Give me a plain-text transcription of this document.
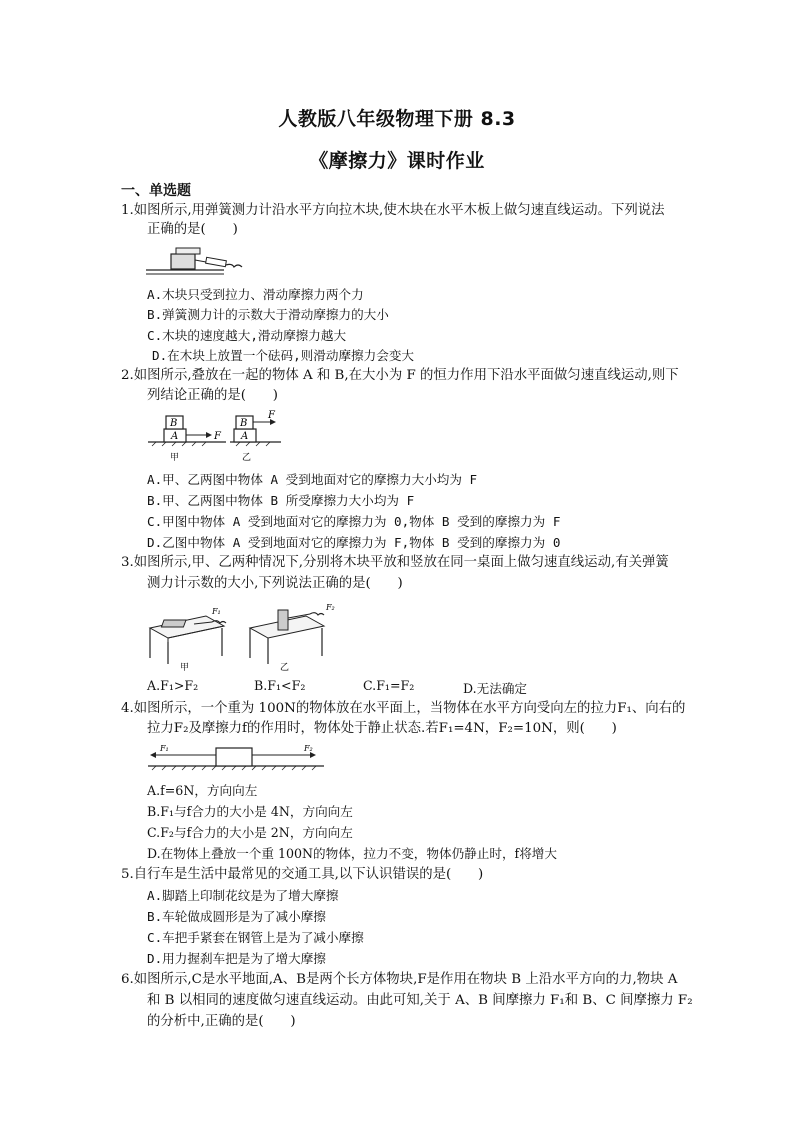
人教版八年级物理下册 8.3
《摩擦力》课时作业
一、单选题
1.如图所示,用弹簧测力计沿水平方向拉木块,使木块在水平木板上做匀速直线运动。下列说法
正确的是(　　)
A.木块只受到拉力、滑动摩擦力两个力
B.弹簧测力计的示数大于滑动摩擦力的大小
C.木块的速度越大,滑动摩擦力越大
D.在木块上放置一个砝码,则滑动摩擦力会变大
2.如图所示,叠放在一起的物体 A 和 B,在大小为 F 的恒力作用下沿水平面做匀速直线运动,则下
列结论正确的是(　　)
B
A	F
甲
B
A
F
乙
A.甲、乙两图中物体 A 受到地面对它的摩擦力大小均为 F
B.甲、乙两图中物体 B 所受摩擦力大小均为 F
C.甲图中物体 A 受到地面对它的摩擦力为 0,物体 B 受到的摩擦力为 F
D.乙图中物体 A 受到地面对它的摩擦力为 F,物体 B 受到的摩擦力为 0
3.如图所示,甲、乙两种情况下,分别将木块平放和竖放在同一桌面上做匀速直线运动,有关弹簧
测力计示数的大小,下列说法正确的是(　　)
F₁
甲
F₂
乙
A.F₁>F₂	B.F₁<F₂	C.F₁=F₂	D.无法确定
4.如图所示，一个重为 100N的物体放在水平面上，当物体在水平方向受向左的拉力F₁、向右的
拉力F₂及摩擦力f的作用时，物体处于静止状态.若F₁=4N，F₂=10N，则(　　)
F₁	F₂
A.f=6N，方向向左
B.F₁与f合力的大小是 4N，方向向左
C.F₂与f合力的大小是 2N，方向向左
D.在物体上叠放一个重 100N的物体，拉力不变，物体仍静止时，f将增大
5.自行车是生活中最常见的交通工具,以下认识错误的是(　　)
A.脚踏上印制花纹是为了增大摩擦
B.车轮做成圆形是为了减小摩擦
C.车把手紧套在钢管上是为了减小摩擦
D.用力握刹车把是为了增大摩擦
6.如图所示,C是水平地面,A、B是两个长方体物块,F是作用在物块 B 上沿水平方向的力,物块 A
和 B 以相同的速度做匀速直线运动。由此可知,关于 A、B 间摩擦力 F₁和 B、C 间摩擦力 F₂
的分析中,正确的是(　　)
